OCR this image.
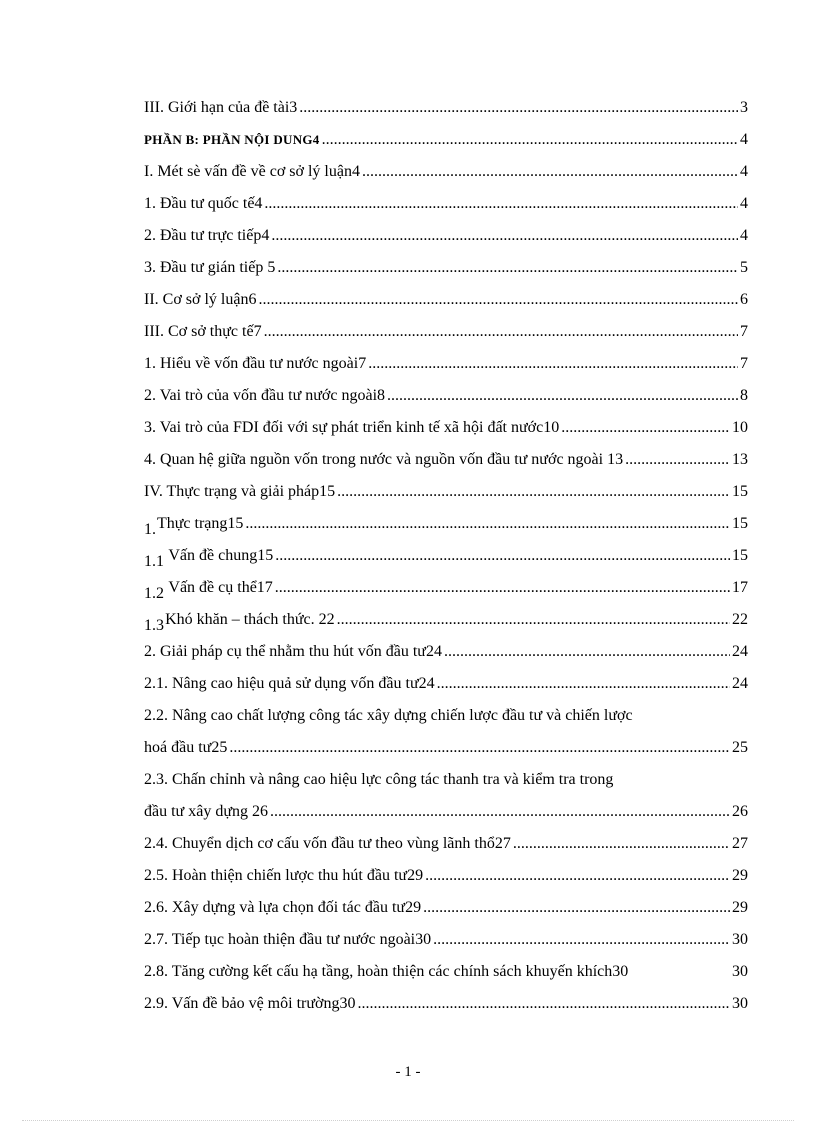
III. Giới hạn của đề tài3 .....	3
PHẦN B: PHẦN NỘI DUNG4 .....	4
I. Mét sè vấn đề về cơ sở lý luận4 .....	4
1. Đầu tư quốc tế4 .....	4
2. Đầu tư trực tiếp4 .....	4
3. Đầu tư gián tiếp 5 .....	5
II. Cơ sở lý luận6 .....	6
III. Cơ sở thực tế7 .....	7
1. Hiểu về vốn đầu tư nước ngoài7 .....	7
2. Vai trò của vốn đầu tư nước ngoài8 .....	8
3. Vai trò của FDI đối với sự phát triển kinh tế xã hội đất nước10 .....	10
4. Quan hệ giữa nguồn vốn trong nước và nguồn vốn đầu tư nước ngoài 13 .....	13
IV. Thực trạng và giải pháp15 .....	15
1. Thực trạng15 .....	15
1.1 Vấn đề chung15 .....	15
1.2 Vấn đề cụ thể17 .....	17
1.3 Khó khăn – thách thức. 22 .....	22
2. Giải pháp cụ thể nhằm thu hút vốn đầu tư24 .....	24
2.1. Nâng cao hiệu quả sử dụng vốn đầu tư24 .....	24
2.2. Nâng cao chất lượng công tác xây dựng chiến lược đầu tư và chiến lược
hoá đầu tư25 .....	25
2.3. Chấn chỉnh và nâng cao hiệu lực công tác thanh tra và kiểm tra trong
đầu tư xây dựng 26 .....	26
2.4. Chuyển dịch cơ cấu vốn đầu tư theo vùng lãnh thổ27 .....	27
2.5. Hoàn thiện chiến lược thu hút đầu tư29 .....	29
2.6. Xây dựng và lựa chọn đối tác đầu tư29 .....	29
2.7. Tiếp tục hoàn thiện đầu tư nước ngoài30 .....	30
2.8. Tăng cường kết cấu hạ tầng, hoàn thiện các chính sách khuyến khích30	30
2.9. Vấn đề bảo vệ môi trường30 .....	30
- 1 -
